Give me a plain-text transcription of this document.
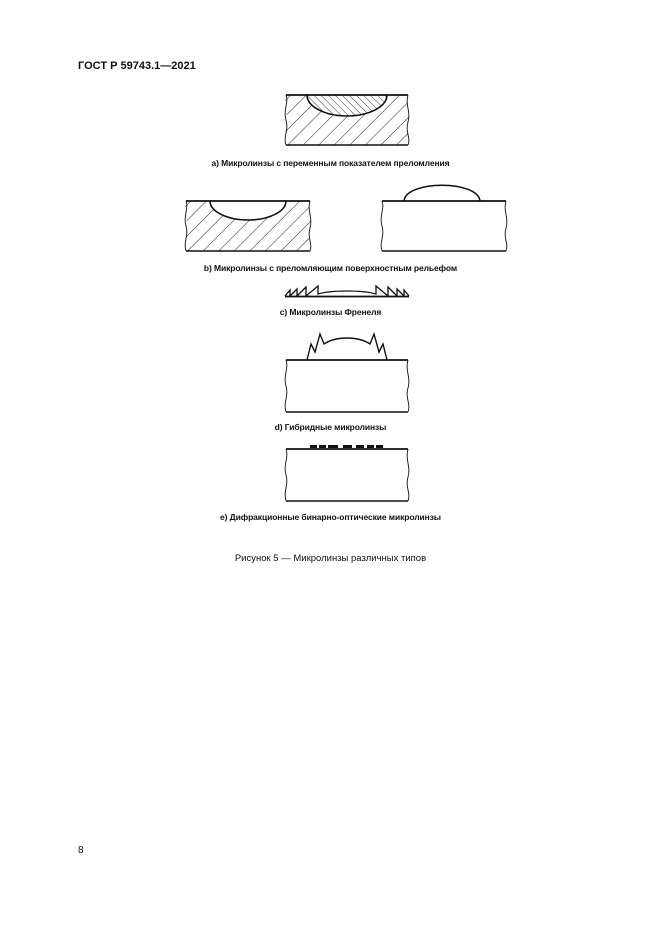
ГОСТ Р 59743.1—2021
a) Микролинзы с переменным показателем преломления
b) Микролинзы с преломляющим поверхностным рельефом
c) Микролинзы Френеля
d) Гибридные микролинзы
e) Дифракционные бинарно-оптические микролинзы
Рисунок 5 — Микролинзы различных типов
8
